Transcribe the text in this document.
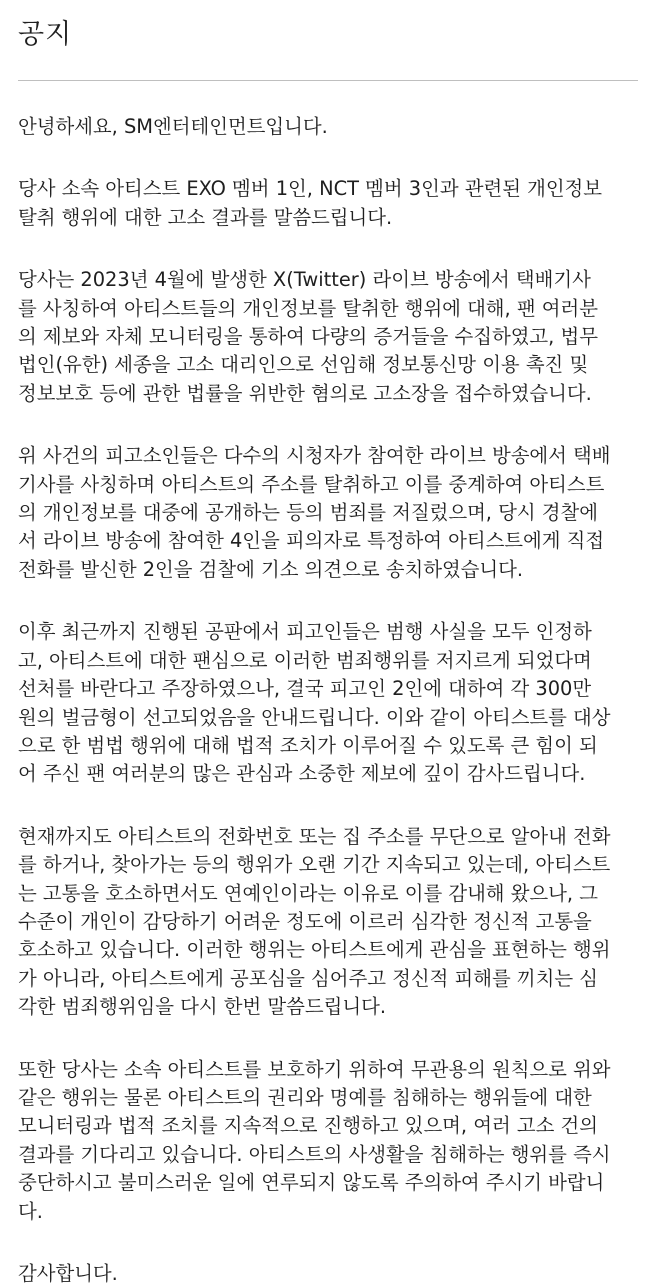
공지

안녕하세요, SM엔터테인먼트입니다.

당사 소속 아티스트 EXO 멤버 1인, NCT 멤버 3인과 관련된 개인정보
탈취 행위에 대한 고소 결과를 말씀드립니다.

당사는 2023년 4월에 발생한 X(Twitter) 라이브 방송에서 택배기사
를 사칭하여 아티스트들의 개인정보를 탈취한 행위에 대해, 팬 여러분
의 제보와 자체 모니터링을 통하여 다량의 증거들을 수집하였고, 법무
법인(유한) 세종을 고소 대리인으로 선임해 정보통신망 이용 촉진 및
정보보호 등에 관한 법률을 위반한 혐의로 고소장을 접수하였습니다.

위 사건의 피고소인들은 다수의 시청자가 참여한 라이브 방송에서 택배
기사를 사칭하며 아티스트의 주소를 탈취하고 이를 중계하여 아티스트
의 개인정보를 대중에 공개하는 등의 범죄를 저질렀으며, 당시 경찰에
서 라이브 방송에 참여한 4인을 피의자로 특정하여 아티스트에게 직접
전화를 발신한 2인을 검찰에 기소 의견으로 송치하였습니다.

이후 최근까지 진행된 공판에서 피고인들은 범행 사실을 모두 인정하
고, 아티스트에 대한 팬심으로 이러한 범죄행위를 저지르게 되었다며
선처를 바란다고 주장하였으나, 결국 피고인 2인에 대하여 각 300만
원의 벌금형이 선고되었음을 안내드립니다. 이와 같이 아티스트를 대상
으로 한 범법 행위에 대해 법적 조치가 이루어질 수 있도록 큰 힘이 되
어 주신 팬 여러분의 많은 관심과 소중한 제보에 깊이 감사드립니다.

현재까지도 아티스트의 전화번호 또는 집 주소를 무단으로 알아내 전화
를 하거나, 찾아가는 등의 행위가 오랜 기간 지속되고 있는데, 아티스트
는 고통을 호소하면서도 연예인이라는 이유로 이를 감내해 왔으나, 그
수준이 개인이 감당하기 어려운 정도에 이르러 심각한 정신적 고통을
호소하고 있습니다. 이러한 행위는 아티스트에게 관심을 표현하는 행위
가 아니라, 아티스트에게 공포심을 심어주고 정신적 피해를 끼치는 심
각한 범죄행위임을 다시 한번 말씀드립니다.

또한 당사는 소속 아티스트를 보호하기 위하여 무관용의 원칙으로 위와
같은 행위는 물론 아티스트의 권리와 명예를 침해하는 행위들에 대한
모니터링과 법적 조치를 지속적으로 진행하고 있으며, 여러 고소 건의
결과를 기다리고 있습니다. 아티스트의 사생활을 침해하는 행위를 즉시
중단하시고 불미스러운 일에 연루되지 않도록 주의하여 주시기 바랍니
다.

감사합니다.
